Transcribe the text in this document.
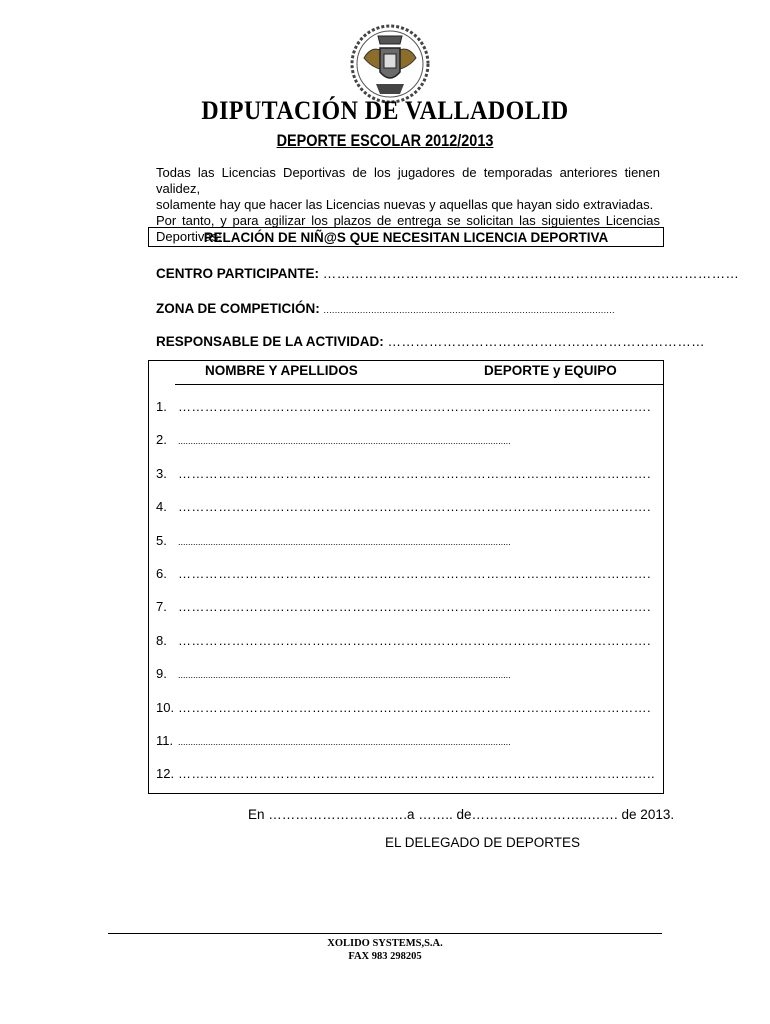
DIPUTACIÓN DE VALLADOLID
DEPORTE ESCOLAR 2012/2013

Todas las Licencias Deportivas de los jugadores de temporadas anteriores tienen validez,

solamente hay que hacer las Licencias nuevas y aquellas que hayan sido extraviadas.

Por tanto, y para agilizar los plazos de entrega se solicitan las siguientes Licencias Deportivas:

RELACIÓN DE NIÑ@S QUE NECESITAN LICENCIA DEPORTIVA
CENTRO PARTICIPANTE: …………………………………………….……….…..……………………
ZONA DE COMPETICIÓN: ........................................................................................................
RESPONSABLE DE LA ACTIVIDAD: ……………………………………………………………
NOMBRE Y APELLIDOS	DEPORTE y EQUIPO
1. …………………………………………………………………………………………….
2. .....................................................................................................................................
3. …………………………………………………………………………………………….
4. …………………………………………………………………………………………….
5. .....................................................................................................................................
6. …………………………………………………………………………………………….
7. …………………………………………………………………………………………….
8. …………………………………………………………………………………………….
9. .....................................................................................................................................
10. …………………………………………………………………………………………….
11. .....................................................................................................................................
12. ……………………………………………………………………………………………..
En ………………………….a …….. de……………………..……. de 2013.
EL DELEGADO DE DEPORTES
XOLIDO SYSTEMS,S.A.
FAX 983 298205
